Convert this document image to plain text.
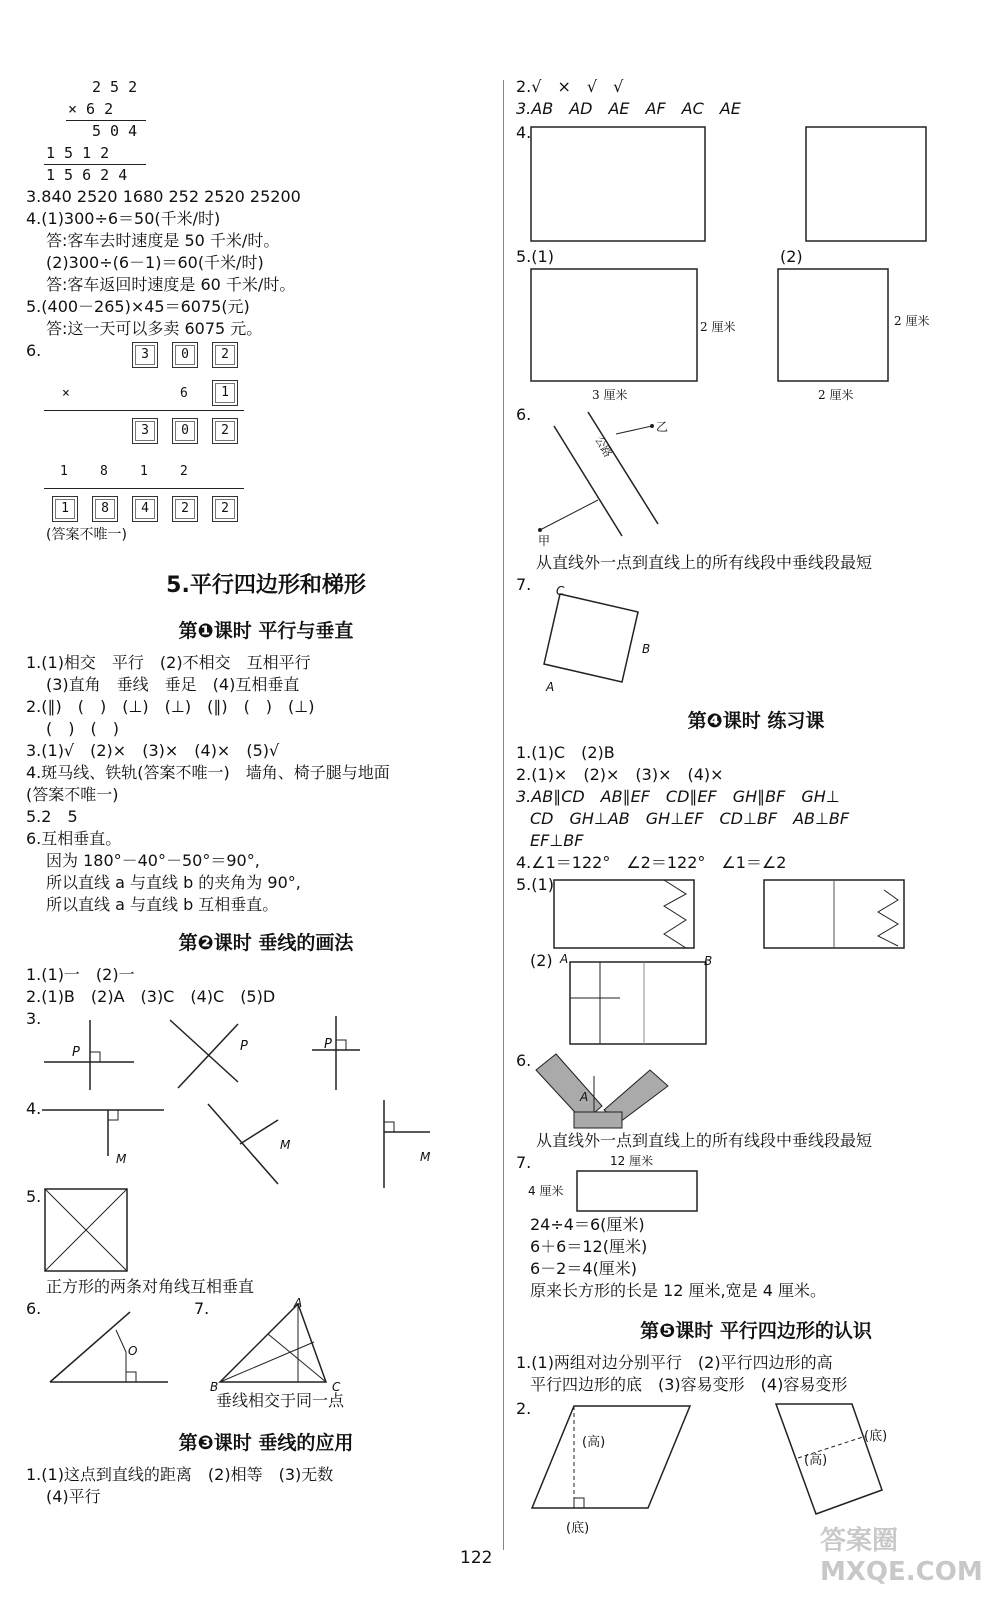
2 5 2
× 6 2
5 0 4
1 5 1 2
1 5 6 2 4
3.840 2520 1680 252 2520 25200
4.(1)300÷6＝50(千米/时)
答:客车去时速度是 50 千米/时。
(2)300÷(6－1)＝60(千米/时)
答:客车返回时速度是 60 千米/时。
5.(400－265)×45＝6075(元)
答:这一天可以多卖 6075 元。
6.	3	0	2
×	6	1
3	0	2
1 8 1 2
1	8	4	2	2
(答案不唯一)
5.平行四边形和梯形
第❶课时 平行与垂直
1.(1)相交　平行　(2)不相交　互相平行
(3)直角　垂线　垂足　(4)互相垂直
2.(∥)　(　)　(⊥)　(⊥)　(∥)　(　)　(⊥)
(　)　(　)
3.(1)√　(2)×　(3)×　(4)×　(5)√
4.斑马线、铁轨(答案不唯一)　墙角、椅子腿与地面
(答案不唯一)
5.2　5
6.互相垂直。
因为 180°－40°－50°＝90°,
所以直线 a 与直线 b 的夹角为 90°,
所以直线 a 与直线 b 互相垂直。
第❷课时 垂线的画法
1.(1)一　(2)一
2.(1)B　(2)A　(3)C　(4)C　(5)D
3.
P	P	P
4.
M
M
M
5.
正方形的两条对角线互相垂直
6.	7.
O
A
B	C
垂线相交于同一点
第❸课时 垂线的应用
1.(1)这点到直线的距离　(2)相等　(3)无数
(4)平行
2.√　×　√　√
3.AB　AD　AE　AF　AC　AE
4.
5.(1)	(2)
2 厘米
3 厘米
2 厘米
2 厘米
6.
公路
乙
甲
从直线外一点到直线上的所有线段中垂线段最短
7. C
B
A
第❹课时 练习课
1.(1)C　(2)B
2.(1)×　(2)×　(3)×　(4)×
3.AB∥CD　AB∥EF　CD∥EF　GH∥BF　GH⊥
CD　GH⊥AB　GH⊥EF　CD⊥BF　AB⊥BF
EF⊥BF
4.∠1＝122°　∠2＝122°　∠1＝∠2
5.(1)
(2) A	B
6.
A
从直线外一点到直线上的所有线段中垂线段最短
7.	12 厘米
4 厘米
24÷4＝6(厘米)
6＋6＝12(厘米)
6－2＝4(厘米)
原来长方形的长是 12 厘米,宽是 4 厘米。
第❺课时 平行四边形的认识
1.(1)两组对边分别平行　(2)平行四边形的高
平行四边形的底　(3)容易变形　(4)容易变形
2.
(高)
(底)
(高)
(底)
122
答案圈 MXQE.COM
